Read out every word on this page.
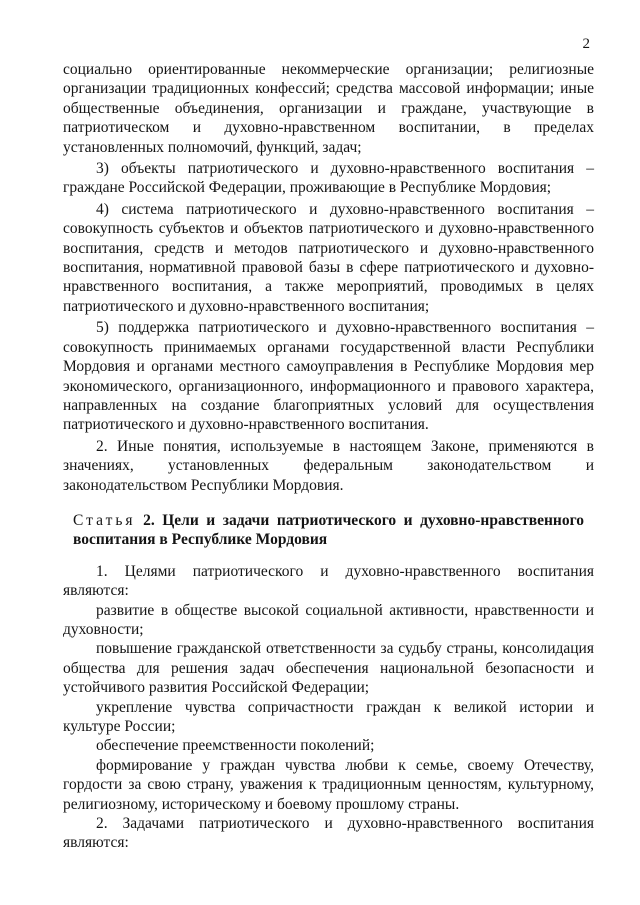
2

социально ориентированные некоммерческие организации; религиозные организации традиционных конфессий; средства массовой информации; иные общественные объединения, организации и граждане, участвующие в патриотическом и духовно-нравственном воспитании, в пределах установленных полномочий, функций, задач;

3) объекты патриотического и духовно-нравственного воспитания – граждане Российской Федерации, проживающие в Республике Мордовия;

4) система патриотического и духовно-нравственного воспитания – совокупность субъектов и объектов патриотического и духовно-нравственного воспитания, средств и методов патриотического и духовно-нравственного воспитания, нормативной правовой базы в сфере патриотического и духовно-нравственного воспитания, а также мероприятий, проводимых в целях патриотического и духовно-нравственного воспитания;

5) поддержка патриотического и духовно-нравственного воспитания – совокупность принимаемых органами государственной власти Республики Мордовия и органами местного самоуправления в Республике Мордовия мер экономического, организационного, информационного и правового характера, направленных на создание благоприятных условий для осуществления патриотического и духовно-нравственного воспитания.

2. Иные понятия, используемые в настоящем Законе, применяются в значениях, установленных федеральным законодательством и законодательством Республики Мордовия.

Статья 2. Цели и задачи патриотического и духовно-нравственного воспитания в Республике Мордовия

1. Целями патриотического и духовно-нравственного воспитания являются:

развитие в обществе высокой социальной активности, нравственности и духовности;

повышение гражданской ответственности за судьбу страны, консолидация общества для решения задач обеспечения национальной безопасности и устойчивого развития Российской Федерации;

укрепление чувства сопричастности граждан к великой истории и культуре России;

обеспечение преемственности поколений;

формирование у граждан чувства любви к семье, своему Отечеству, гордости за свою страну, уважения к традиционным ценностям, культурному, религиозному, историческому и боевому прошлому страны.

2. Задачами патриотического и духовно-нравственного воспитания являются:
